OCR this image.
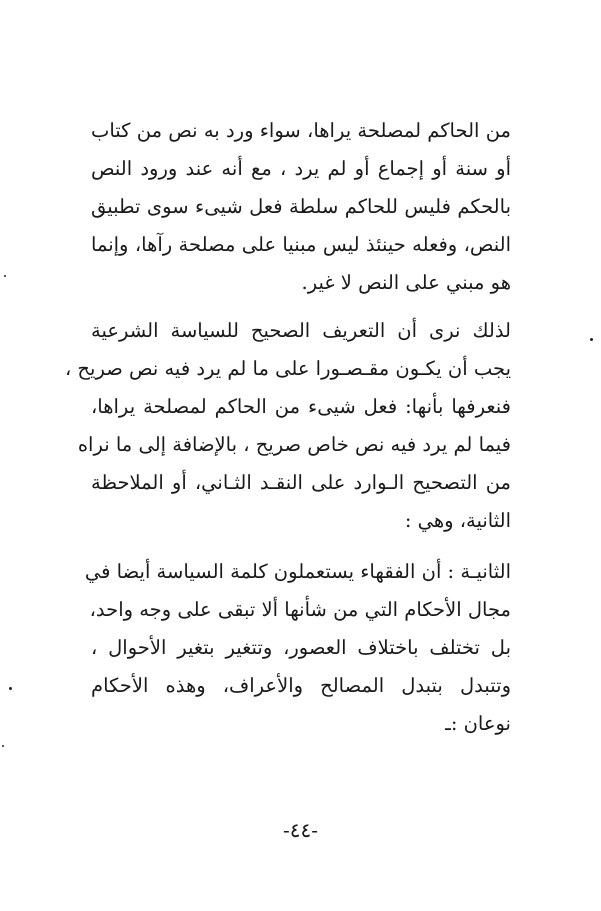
من الحاكم لمصلحة يراها، سواء ورد به نص من كتاب
أو سنة أو إجماع أو لم يرد ، مع أنه عند ورود النص
بالحكم فليس للحاكم سلطة فعل شيىء سوى تطبيق
النص، وفعله حينئذ ليس مبنيا على مصلحة رآها، وإنما
هو مبني على النص لا غير.
لذلك نرى أن التعريف الصحيح للسياسة الشرعية
يجب أن يكـون مقـصـورا على ما لم يرد فيه نص صريح ،
فنعرفها بأنها: فعل شيىء من الحاكم لمصلحة يراها،
فيما لم يرد فيه نص خاص صريح ، بالإضافة إلى ما نراه
من التصحيح الـوارد على النقـد الثـاني، أو الملاحظة
الثانية، وهي :
الثانيـة : أن الفقهاء يستعملون كلمة السياسة أيضا في
مجال الأحكام التي من شأنها ألا تبقى على وجه واحد،
بل تختلف باختلاف العصور، وتتغير بتغير الأحوال ،
وتتبدل بتبدل المصالح والأعراف، وهذه الأحكام
نوعان :ـ
-٤٤-
